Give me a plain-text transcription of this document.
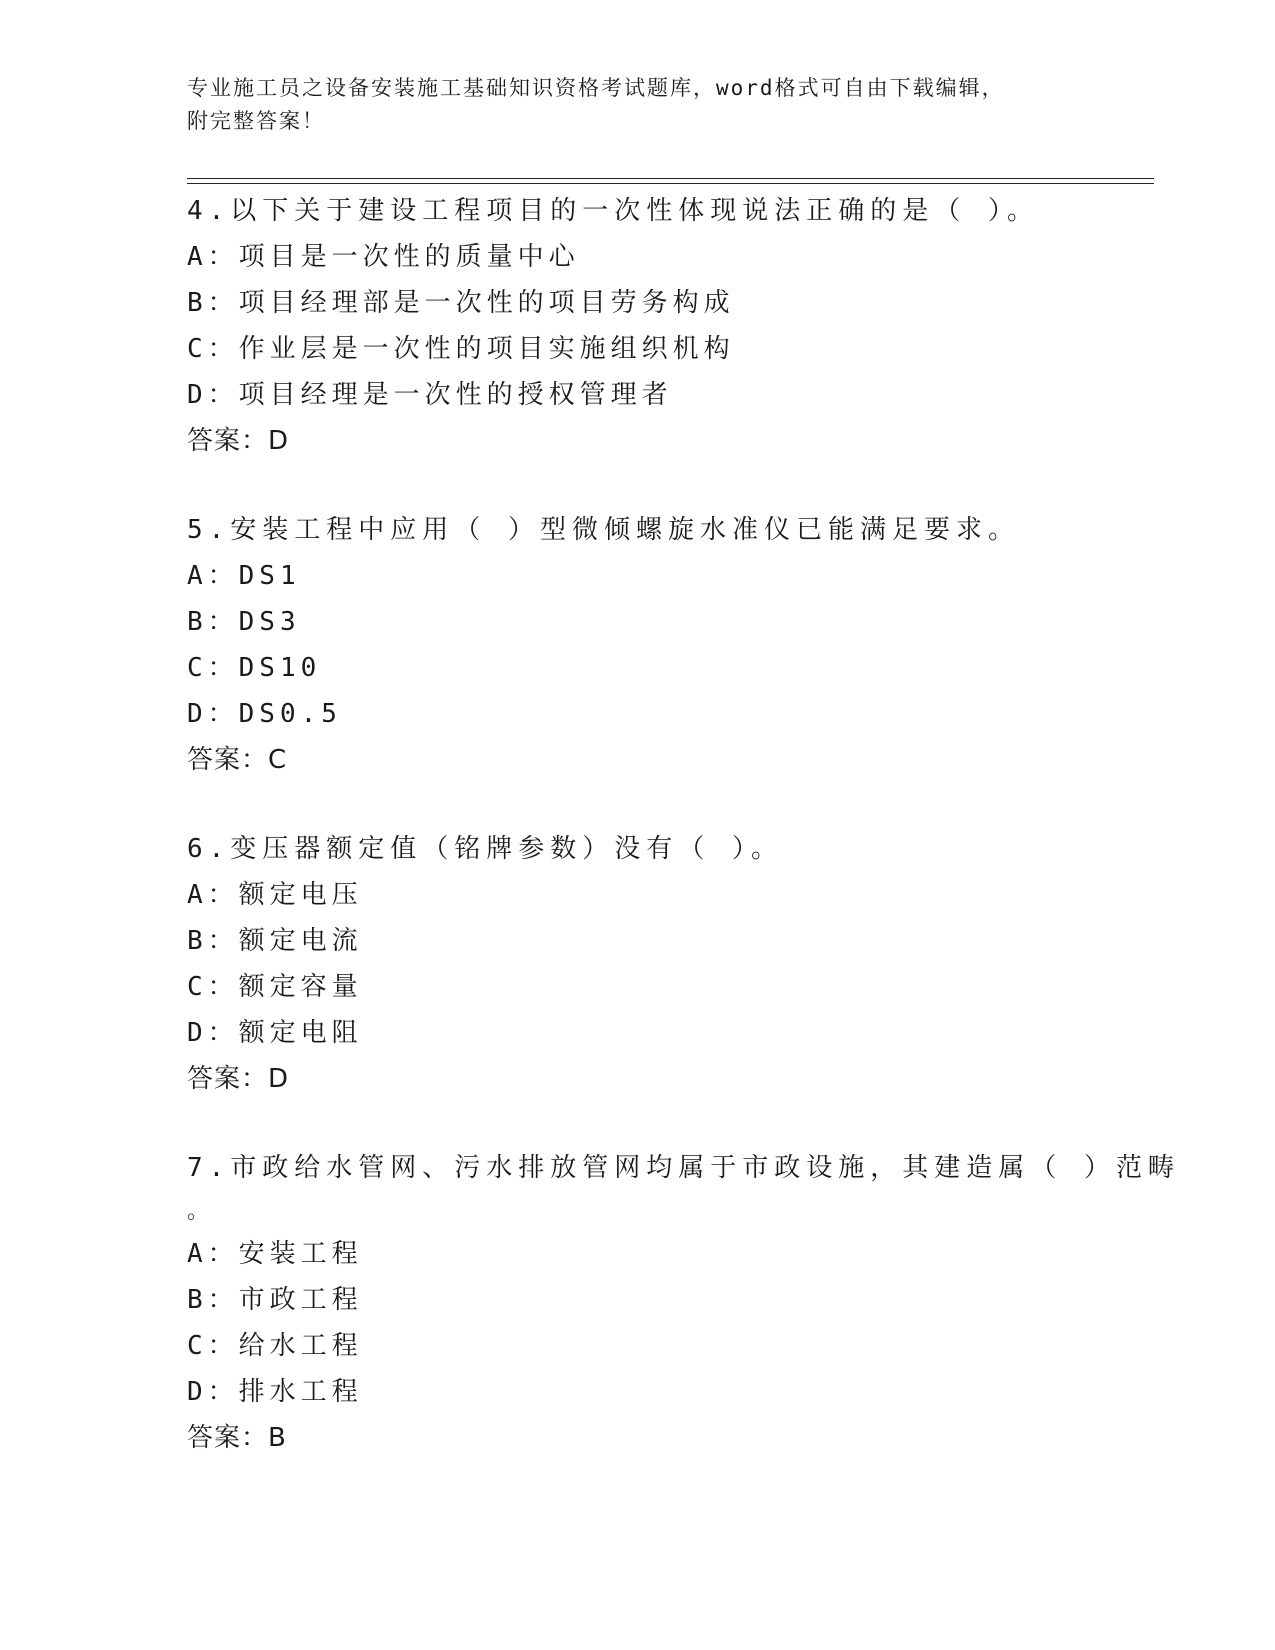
专业施工员之设备安装施工基础知识资格考试题库，word格式可自由下载编辑，
附完整答案！
4.以下关于建设工程项目的一次性体现说法正确的是（ ）。
A：项目是一次性的质量中心
B：项目经理部是一次性的项目劳务构成
C：作业层是一次性的项目实施组织机构
D：项目经理是一次性的授权管理者
答案：D
5.安装工程中应用（ ）型微倾螺旋水准仪已能满足要求。
A：DS1
B：DS3
C：DS10
D：DS0.5
答案：C
6.变压器额定值（铭牌参数）没有（ ）。
A：额定电压
B：额定电流
C：额定容量
D：额定电阻
答案：D
7.市政给水管网、污水排放管网均属于市政设施，其建造属（ ）范畴
。
A：安装工程
B：市政工程
C：给水工程
D：排水工程
答案：B
